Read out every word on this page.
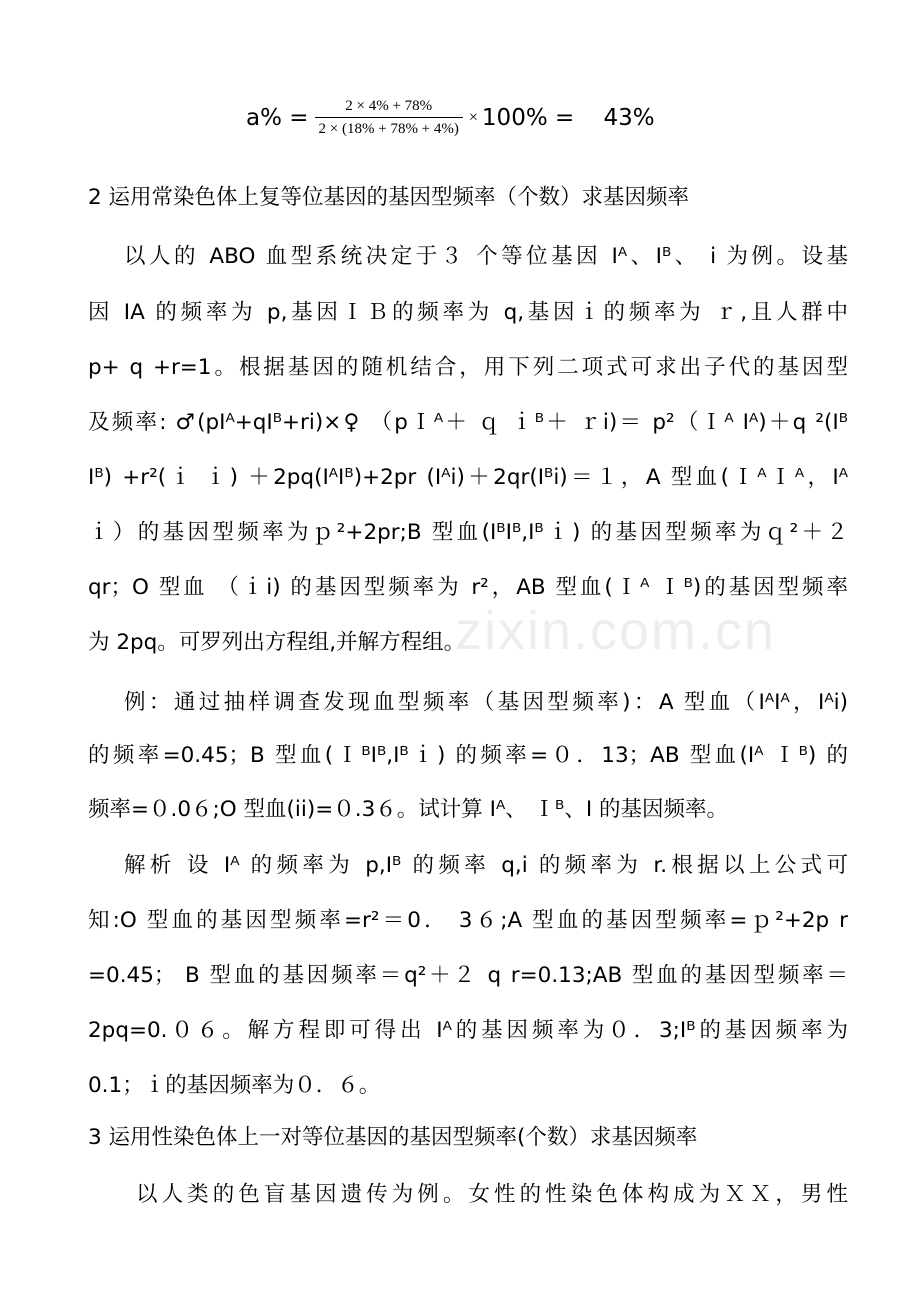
$a\% = \frac{2 \times 4\% + 78\%}{2 \times (18\% + 78\% + 4\%)} \times 100\%$ =    43%
2 运用常染色体上复等位基因的基因型频率（个数）求基因频率
以人的 ABO 血型系统决定于３ 个等位基因 Iᴬ、Iᴮ、 i 为例。设基
因 IA 的频率为 p,基因ＩＢ的频率为 q,基因ｉ的频率为 ｒ,且人群中
p+ q +r=1。根据基因的随机结合，用下列二项式可求出子代的基因型
及频率: ♂(pIᴬ+qIᴮ+ri)×♀ （pＩᴬ＋ ｑ ｉᴮ＋ ｒi)＝ p²（Ｉᴬ Iᴬ)＋q ²(Iᴮ
Iᴮ) +r²(ｉ ｉ) ＋2pq(IᴬIᴮ)+2pr (Iᴬi)＋2qr(Iᴮi)＝１，A 型血(ＩᴬＩᴬ，Iᴬ
ｉ）的基因型频率为ｐ²+2pr;B 型血(IᴮIᴮ,Iᴮｉ) 的基因型频率为ｑ²＋２
qr；O 型血 （ｉi) 的基因型频率为 r²，AB 型血(Ｉᴬ Ｉᴮ)的基因型频率
为 2pq。可罗列出方程组,并解方程组。
例：通过抽样调查发现血型频率（基因型频率)：A 型血（IᴬIᴬ，Iᴬi)
的频率=0.45；B 型血(ＩᴮIᴮ,Iᴮｉ) 的频率=０．13；AB 型血(Iᴬ Ｉᴮ) 的
频率=０.0６;O 型血(ii)=０.3６。试计算 Iᴬ、 Ｉᴮ、I 的基因频率。
解析 设 Iᴬ 的频率为 p,Iᴮ 的频率 q,i 的频率为 r.根据以上公式可
知:O 型血的基因型频率=r²＝0． 3６;A 型血的基因型频率=ｐ²+2p r
=0.45； B 型血的基因频率＝q²＋２ q r=0.13;AB 型血的基因型频率＝
2pq=0.０６。解方程即可得出 Iᴬ的基因频率为０．3;Iᴮ的基因频率为
0.1；ｉ的基因频率为０．６。
3 运用性染色体上一对等位基因的基因型频率(个数）求基因频率
以人类的色盲基因遗传为例。女性的性染色体构成为ＸＸ，男性
zixin.com.cn
